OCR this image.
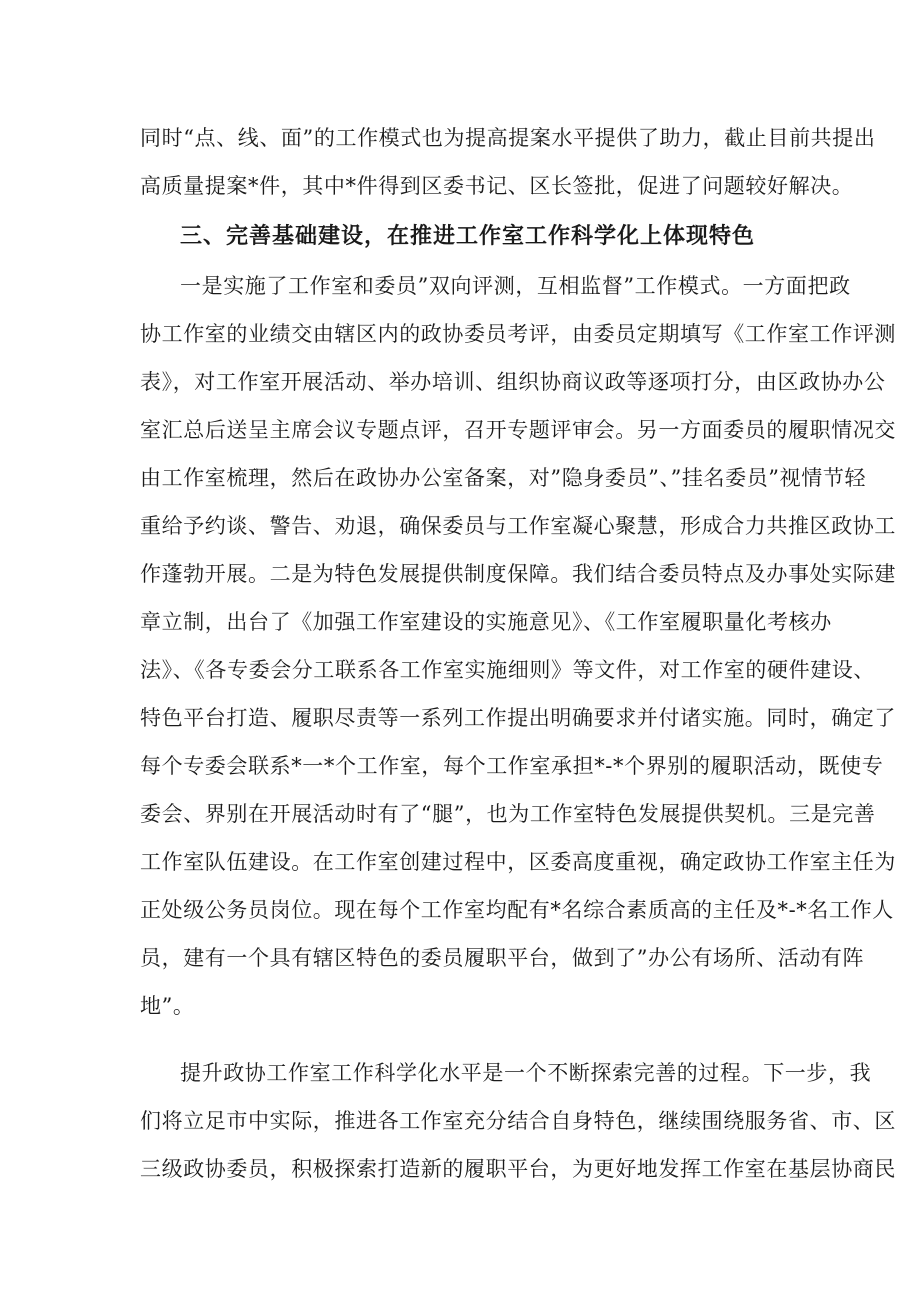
同时“点、线、面”的工作模式也为提高提案水平提供了助力，截止目前共提出
高质量提案*件，其中*件得到区委书记、区长签批，促进了问题较好解决。
三、完善基础建设，在推进工作室工作科学化上体现特色
一是实施了工作室和委员”双向评测，互相监督”工作模式。一方面把政
协工作室的业绩交由辖区内的政协委员考评，由委员定期填写《工作室工作评测
表》，对工作室开展活动、举办培训、组织协商议政等逐项打分，由区政协办公
室汇总后送呈主席会议专题点评，召开专题评审会。另一方面委员的履职情况交
由工作室梳理，然后在政协办公室备案，对”隐身委员”、”挂名委员”视情节轻
重给予约谈、警告、劝退，确保委员与工作室凝心聚慧，形成合力共推区政协工
作蓬勃开展。二是为特色发展提供制度保障。我们结合委员特点及办事处实际建
章立制，出台了《加强工作室建设的实施意见》、《工作室履职量化考核办
法》、《各专委会分工联系各工作室实施细则》等文件，对工作室的硬件建设、
特色平台打造、履职尽责等一系列工作提出明确要求并付诸实施。同时，确定了
每个专委会联系*一*个工作室，每个工作室承担*-*个界别的履职活动，既使专
委会、界别在开展活动时有了“腿”，也为工作室特色发展提供契机。三是完善
工作室队伍建设。在工作室创建过程中，区委高度重视，确定政协工作室主任为
正处级公务员岗位。现在每个工作室均配有*名综合素质高的主任及*-*名工作人
员，建有一个具有辖区特色的委员履职平台，做到了”办公有场所、活动有阵
地”。
提升政协工作室工作科学化水平是一个不断探索完善的过程。下一步，我
们将立足市中实际，推进各工作室充分结合自身特色，继续围绕服务省、市、区
三级政协委员，积极探索打造新的履职平台，为更好地发挥工作室在基层协商民
